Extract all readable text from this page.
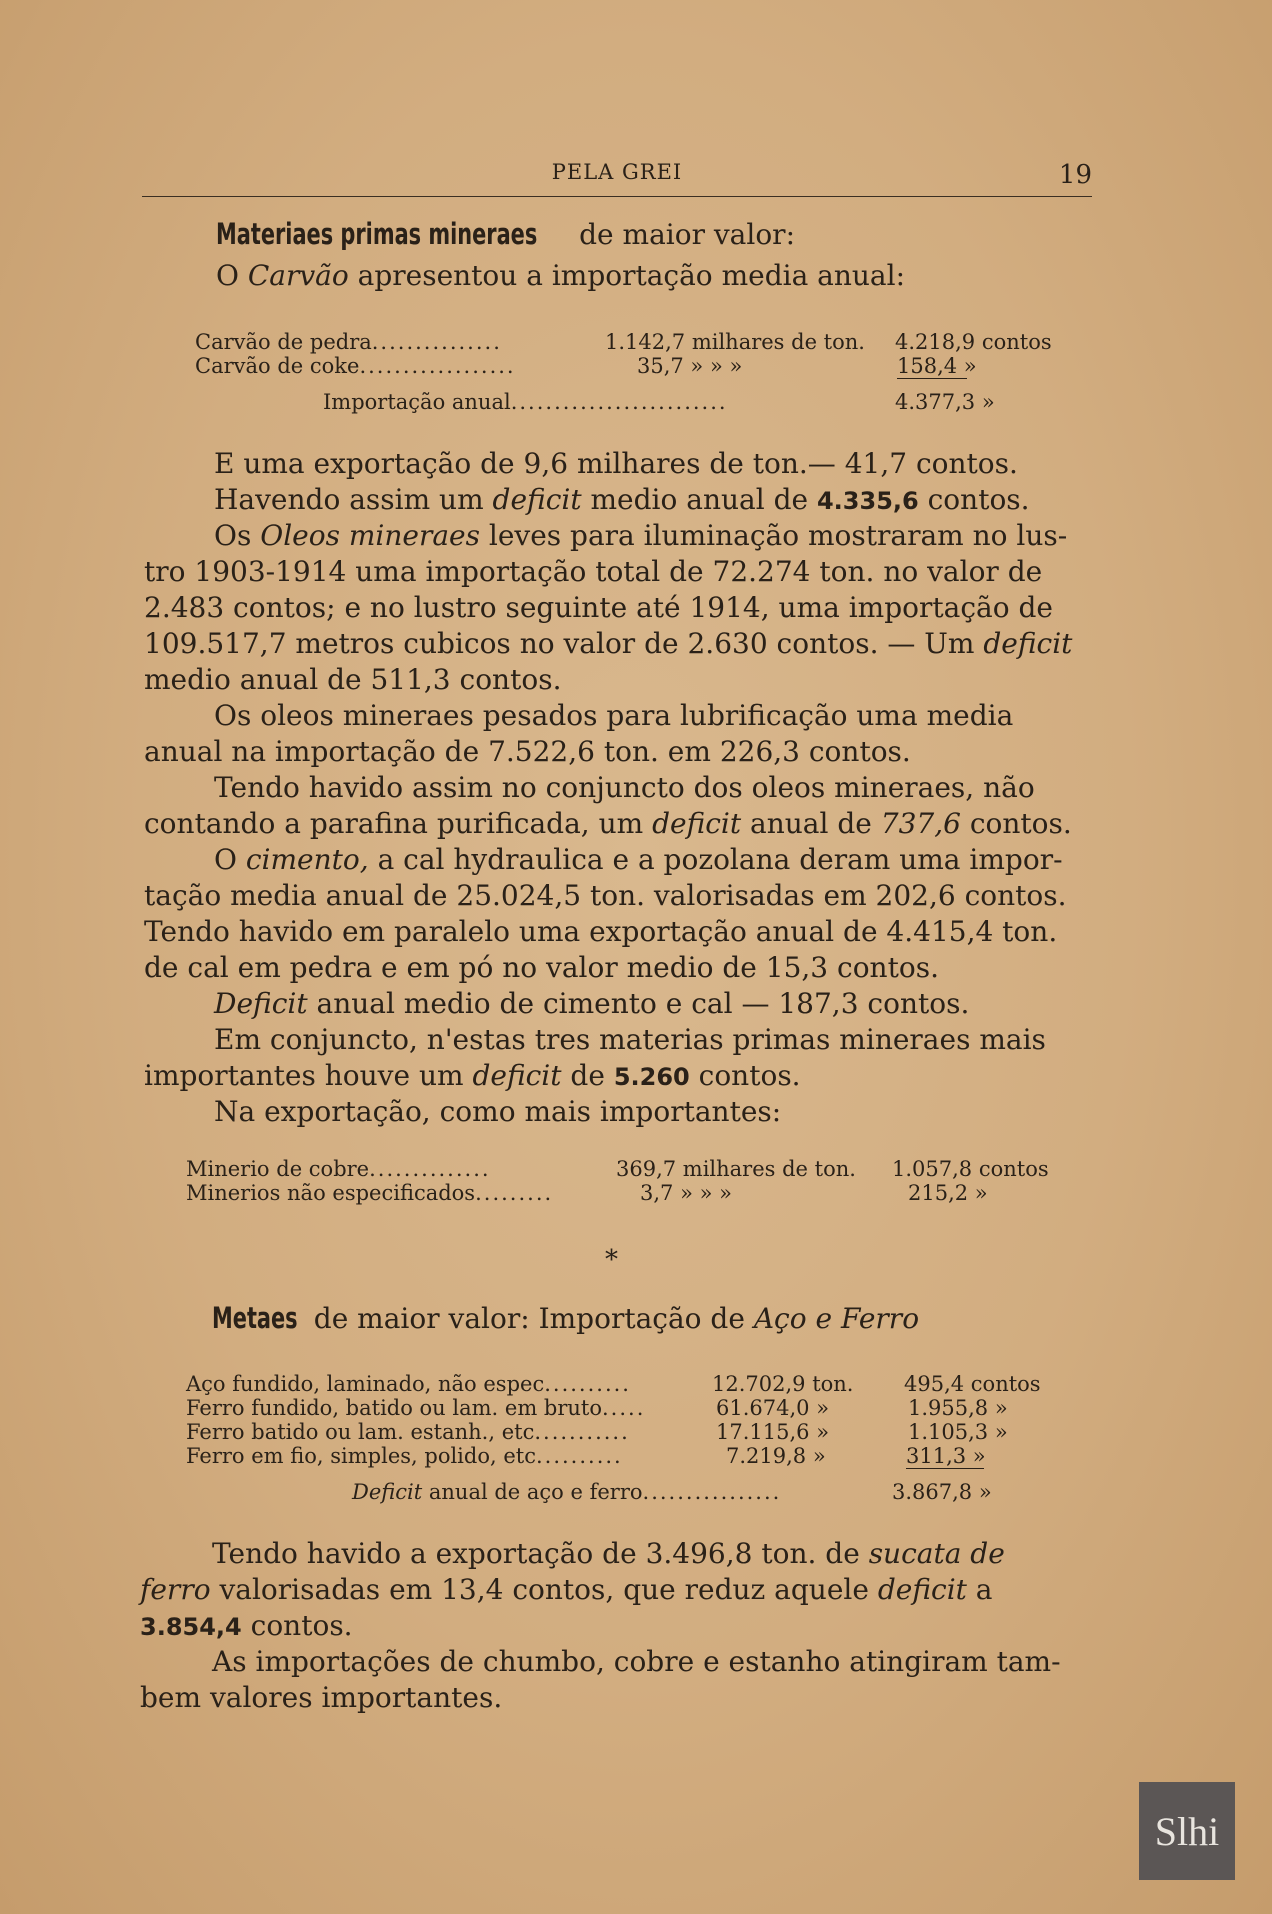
PELA GREI	19
Materiaes primas mineraes de maior valor:
O Carvão apresentou a importação media anual:
Carvão de pedra...............	1.142,7 milhares de ton. 4.218,9 contos
Carvão de coke..................	35,7 » » »	158,4 »
Importação anual.........................	4.377,3 »
E uma exportação de 9,6 milhares de ton.— 41,7 contos.
Havendo assim um deficit medio anual de 4.335,6 contos.
Os Oleos mineraes leves para iluminação mostraram no lus-
tro 1903-1914 uma importação total de 72.274 ton. no valor de
2.483 contos; e no lustro seguinte até 1914, uma importação de
109.517,7 metros cubicos no valor de 2.630 contos. — Um deficit
medio anual de 511,3 contos.
Os oleos mineraes pesados para lubrificação uma media
anual na importação de 7.522,6 ton. em 226,3 contos.
Tendo havido assim no conjuncto dos oleos mineraes, não
contando a parafina purificada, um deficit anual de 737,6 contos.
O cimento, a cal hydraulica e a pozolana deram uma impor-
tação media anual de 25.024,5 ton. valorisadas em 202,6 contos.
Tendo havido em paralelo uma exportação anual de 4.415,4 ton.
de cal em pedra e em pó no valor medio de 15,3 contos.
Deficit anual medio de cimento e cal — 187,3 contos.
Em conjuncto, n'estas tres materias primas mineraes mais
importantes houve um deficit de 5.260 contos.
Na exportação, como mais importantes:
Minerio de cobre..............	369,7 milhares de ton. 1.057,8 contos
Minerios não especificados.........	3,7 » » »	215,2 »
*
Metaes de maior valor: Importação de Aço e Ferro
Aço fundido, laminado, não espec..........	12.702,9 ton. 495,4 contos
Ferro fundido, batido ou lam. em bruto.....	61.674,0 »	1.955,8 »
Ferro batido ou lam. estanh., etc...........	17.115,6 »	1.105,3 »
Ferro em fio, simples, polido, etc..........	7.219,8 »	311,3 »
Deficit anual de aço e ferro................	3.867,8 »
Tendo havido a exportação de 3.496,8 ton. de sucata de
ferro valorisadas em 13,4 contos, que reduz aquele deficit a
3.854,4 contos.
As importações de chumbo, cobre e estanho atingiram tam-
bem valores importantes.
Slhi
